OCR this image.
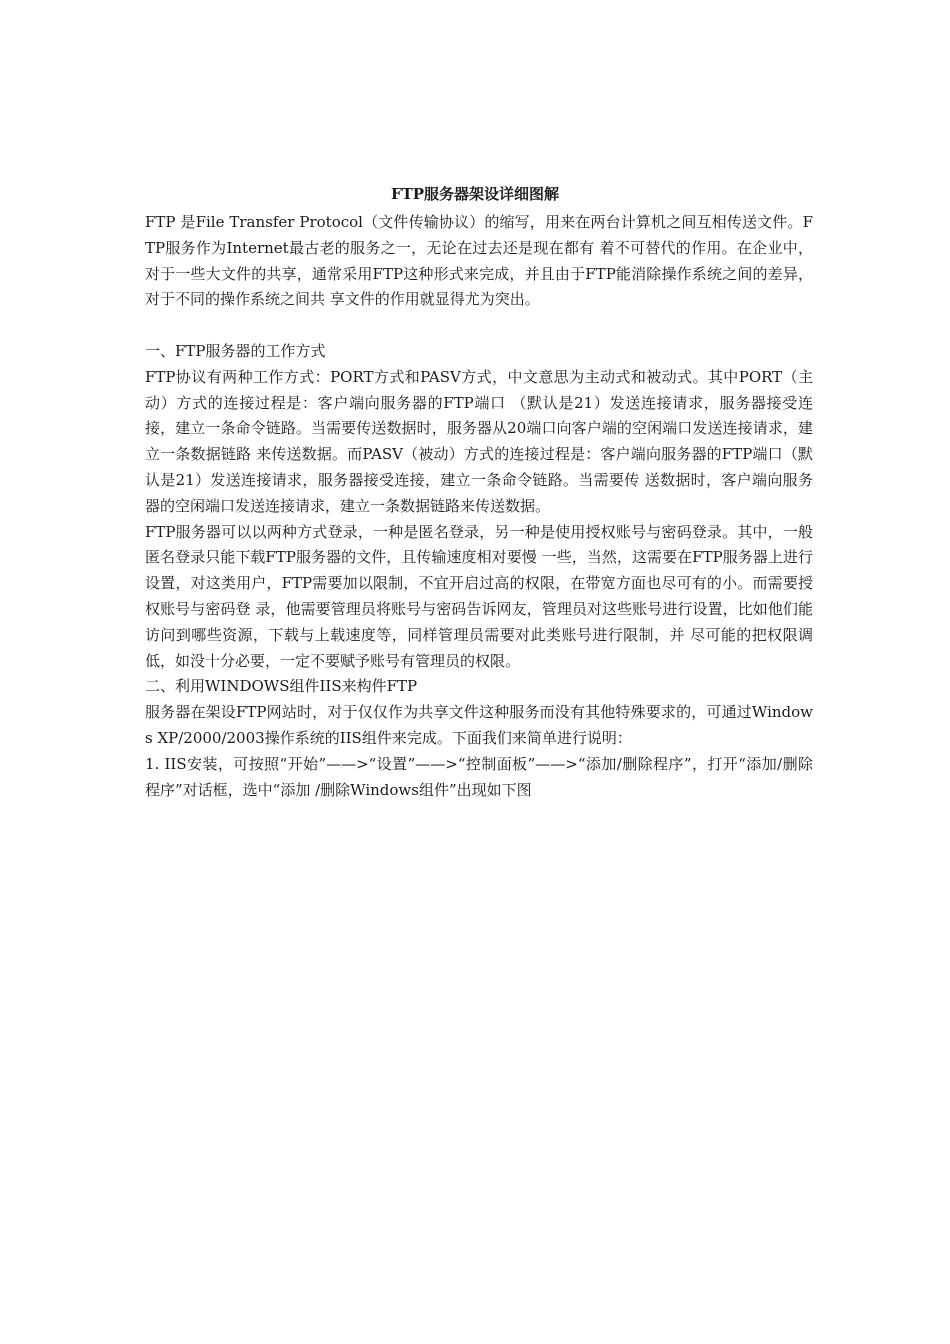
FTP服务器架设详细图解

FTP 是File Transfer Protocol（文件传输协议）的缩写，用来在两台计算机之间互相传送文件。FTP服务作为Internet最古老的服务之一，无论在过去还是现在都有 着不可替代的作用。在企业中，对于一些大文件的共享，通常采用FTP这种形式来完成，并且由于FTP能消除操作系统之间的差异，对于不同的操作系统之间共 享文件的作用就显得尤为突出。

一、FTP服务器的工作方式

FTP协议有两种工作方式：PORT方式和PASV方式，中文意思为主动式和被动式。其中PORT（主动）方式的连接过程是：客户端向服务器的FTP端口 （默认是21）发送连接请求，服务器接受连接，建立一条命令链路。当需要传送数据时，服务器从20端口向客户端的空闲端口发送连接请求，建立一条数据链路 来传送数据。而PASV（被动）方式的连接过程是：客户端向服务器的FTP端口（默认是21）发送连接请求，服务器接受连接，建立一条命令链路。当需要传 送数据时，客户端向服务器的空闲端口发送连接请求，建立一条数据链路来传送数据。

FTP服务器可以以两种方式登录，一种是匿名登录，另一种是使用授权账号与密码登录。其中，一般匿名登录只能下载FTP服务器的文件，且传输速度相对要慢 一些，当然，这需要在FTP服务器上进行设置，对这类用户，FTP需要加以限制，不宜开启过高的权限，在带宽方面也尽可有的小。而需要授权账号与密码登 录，他需要管理员将账号与密码告诉网友，管理员对这些账号进行设置，比如他们能访问到哪些资源，下载与上载速度等，同样管理员需要对此类账号进行限制，并 尽可能的把权限调低，如没十分必要，一定不要赋予账号有管理员的权限。

二、利用WINDOWS组件IIS来构件FTP

服务器在架设FTP网站时，对于仅仅作为共享文件这种服务而没有其他特殊要求的，可通过Windows XP/2000/2003操作系统的IIS组件来完成。下面我们来简单进行说明：

1. IIS安装，可按照“开始”——>“设置”——>“控制面板”——>“添加/删除程序”，打开“添加/删除程序”对话框，选中“添加 /删除Windows组件”出现如下图
